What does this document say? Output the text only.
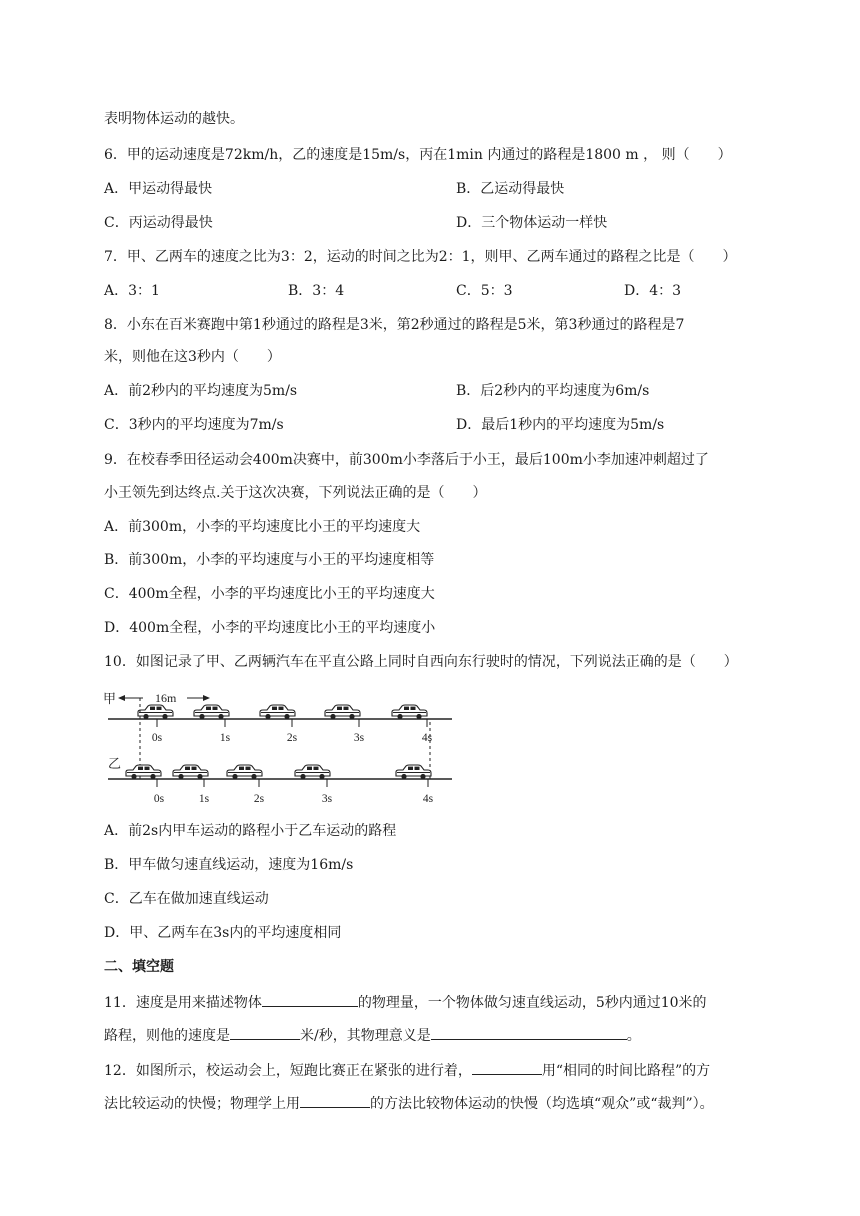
表明物体运动的越快。
6．甲的运动速度是72km/h，乙的速度是15m/s，丙在1min 内通过的路程是1800 m ， 则（　　）
A．甲运动得最快	B．乙运动得最快
C．丙运动得最快	D．三个物体运动一样快
7．甲、乙两车的速度之比为3：2，运动的时间之比为2：1，则甲、乙两车通过的路程之比是（　　）
A．3：1	B．3：4	C．5：3	D．4：3
8．小东在百米赛跑中第1秒通过的路程是3米，第2秒通过的路程是5米，第3秒通过的路程是7
米，则他在这3秒内（　　）
A．前2秒内的平均速度为5m/s	B．后2秒内的平均速度为6m/s
C．3秒内的平均速度为7m/s	D．最后1秒内的平均速度为5m/s
9．在校春季田径运动会400m决赛中，前300m小李落后于小王，最后100m小李加速冲刺超过了
小王领先到达终点.关于这次决赛，下列说法正确的是（　　）
A．前300m，小李的平均速度比小王的平均速度大
B．前300m，小李的平均速度与小王的平均速度相等
C．400m全程，小李的平均速度比小王的平均速度大
D．400m全程，小李的平均速度比小王的平均速度小
10．如图记录了甲、乙两辆汽车在平直公路上同时自西向东行驶时的情况，下列说法正确的是（　　）
甲	16m
0s	1s	2s	3s	4s
乙
0s	1s	2s	3s	4s
A．前2s内甲车运动的路程小于乙车运动的路程
B．甲车做匀速直线运动，速度为16m/s
C．乙车在做加速直线运动
D．甲、乙两车在3s内的平均速度相同
二、填空题
11．速度是用来描述物体	的物理量，一个物体做匀速直线运动，5秒内通过10米的
路程，则他的速度是	米/秒，其物理意义是	。
12．如图所示，校运动会上，短跑比赛正在紧张的进行着，	用“相同的时间比路程”的方
法比较运动的快慢；物理学上用	的方法比较物体运动的快慢（均选填“观众”或“裁判”）。
